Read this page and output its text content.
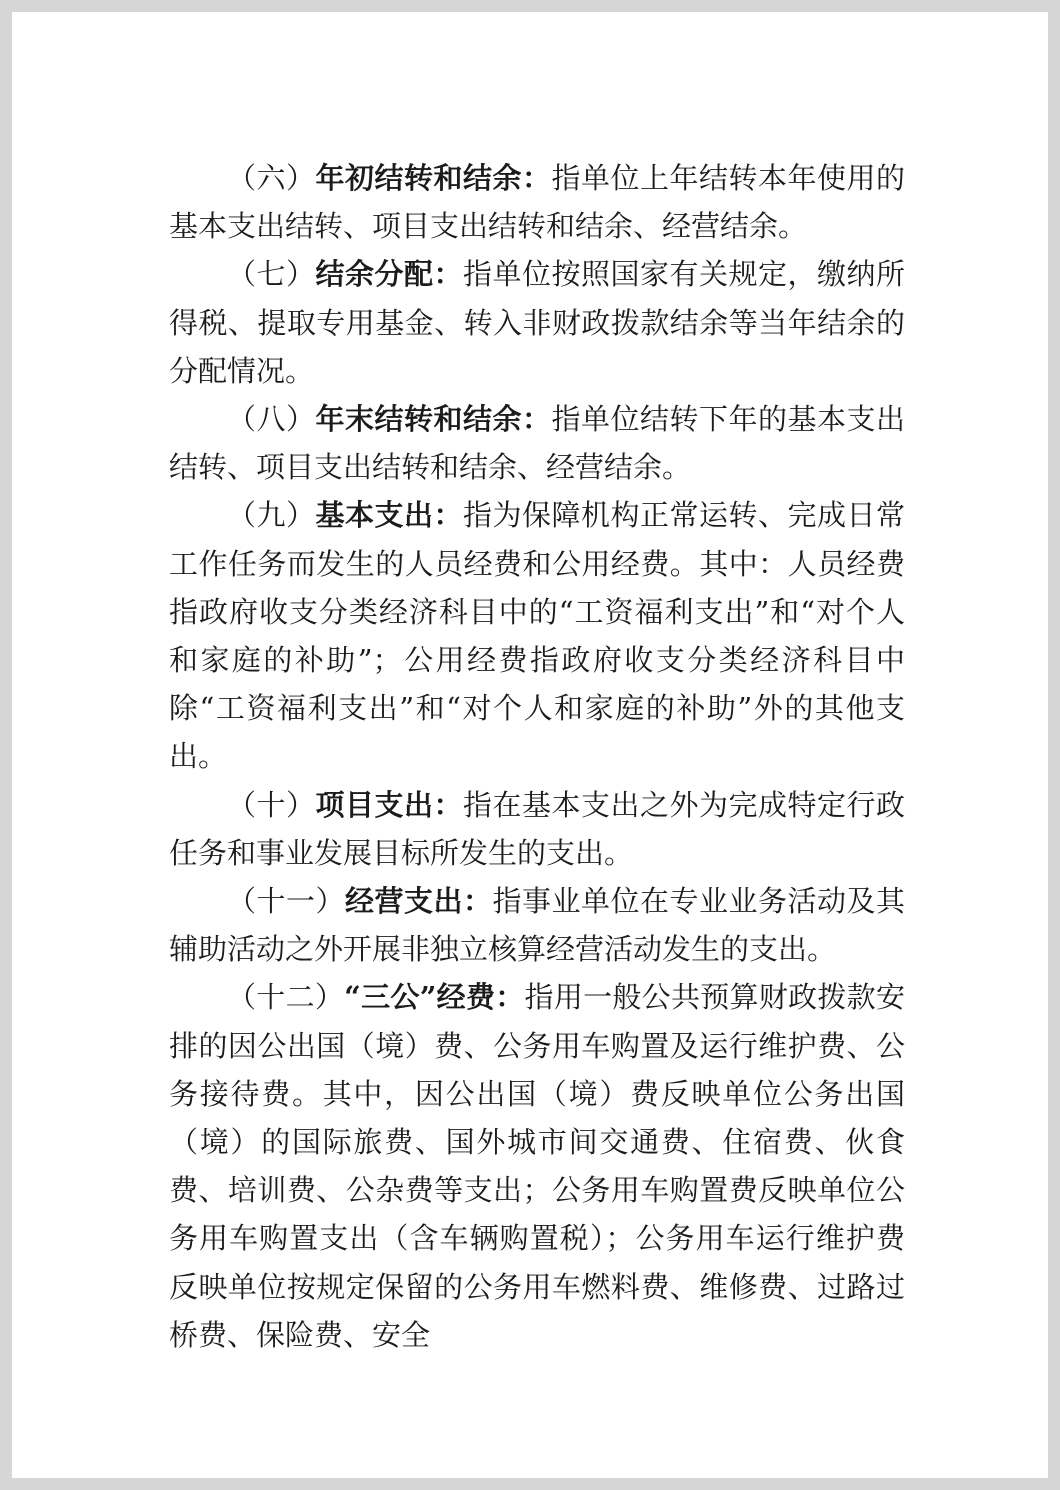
（六）年初结转和结余：指单位上年结转本年使用的基本支出结转、项目支出结转和结余、经营结余。

（七）结余分配：指单位按照国家有关规定，缴纳所得税、提取专用基金、转入非财政拨款结余等当年结余的分配情况。

（八）年末结转和结余：指单位结转下年的基本支出结转、项目支出结转和结余、经营结余。

（九）基本支出：指为保障机构正常运转、完成日常工作任务而发生的人员经费和公用经费。其中：人员经费指政府收支分类经济科目中的“工资福利支出”和“对个人和家庭的补助”；公用经费指政府收支分类经济科目中除“工资福利支出”和“对个人和家庭的补助”外的其他支出。

（十）项目支出：指在基本支出之外为完成特定行政任务和事业发展目标所发生的支出。

（十一）经营支出：指事业单位在专业业务活动及其辅助活动之外开展非独立核算经营活动发生的支出。

（十二）“三公”经费：指用一般公共预算财政拨款安排的因公出国（境）费、公务用车购置及运行维护费、公务接待费。其中，因公出国（境）费反映单位公务出国（境）的国际旅费、国外城市间交通费、住宿费、伙食费、培训费、公杂费等支出；公务用车购置费反映单位公务用车购置支出（含车辆购置税）；公务用车运行维护费反映单位按规定保留的公务用车燃料费、维修费、过路过桥费、保险费、安全
